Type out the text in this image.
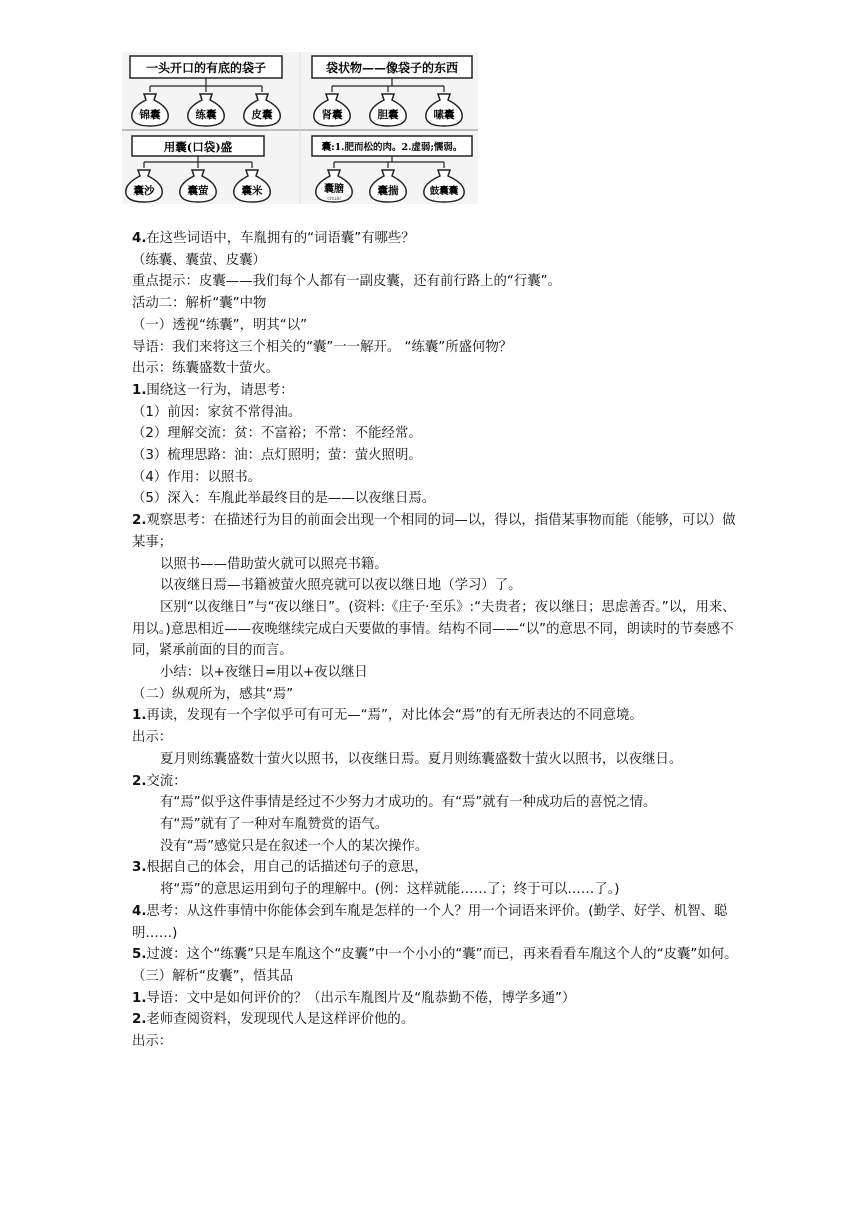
一头开口的有底的袋子
锦囊	练囊	皮囊
袋状物——像袋子的东西
肾囊	胆囊	嗉囊
用囊(口袋)盛
囊沙	囊萤	囊米
囊:1.肥而松的肉。2.虚弱;懦弱。
囊膪
chuài
囊揣	鼓囊囊

4.在这些词语中，车胤拥有的“词语囊”有哪些？

（练囊、囊萤、皮囊）

重点提示：皮囊——我们每个人都有一副皮囊，还有前行路上的“行囊”。

活动二：解析“囊”中物

（一）透视“练囊”，明其“以”

导语：我们来将这三个相关的“囊”一一解开。 “练囊”所盛何物？

出示：练囊盛数十萤火。

1.围绕这一行为，请思考：

（1）前因：家贫不常得油。

（2）理解交流：贫：不富裕；不常：不能经常。

（3）梳理思路：油：点灯照明；萤：萤火照明。

（4）作用：以照书。

（5）深入：车胤此举最终目的是——以夜继日焉。

2.观察思考：在描述行为目的前面会出现一个相同的词—以，得以，指借某事物而能（能够，可以）做某事；

以照书——借助萤火就可以照亮书籍。

以夜继日焉—书籍被萤火照亮就可以夜以继日地（学习）了。

区别“以夜继日”与“夜以继日”。(资料:《庄子·至乐》:“夫贵者；夜以继日；思虑善否。”以，用来、用以。)意思相近——夜晚继续完成白天要做的事情。结构不同——“以”的意思不同，朗读时的节奏感不同，紧承前面的目的而言。

小结：以+夜继日=用以+夜以继日

（二）纵观所为，感其“焉”

1.再读，发现有一个字似乎可有可无—“焉”，对比体会“焉”的有无所表达的不同意境。

出示：

夏月则练囊盛数十萤火以照书，以夜继日焉。夏月则练囊盛数十萤火以照书，以夜继日。

2.交流：

有“焉”似乎这件事情是经过不少努力才成功的。有“焉”就有一种成功后的喜悦之情。

有“焉”就有了一种对车胤赞赏的语气。

没有“焉”感觉只是在叙述一个人的某次操作。

3.根据自己的体会，用自己的话描述句子的意思，

将“焉”的意思运用到句子的理解中。(例：这样就能……了；终于可以……了。)

4.思考：从这件事情中你能体会到车胤是怎样的一个人？用一个词语来评价。(勤学、好学、机智、聪明……)

5.过渡：这个“练囊”只是车胤这个“皮囊”中一个小小的“囊”而已，再来看看车胤这个人的“皮囊”如何。

（三）解析“皮囊”，悟其品

1.导语：文中是如何评价的？（出示车胤图片及“胤恭勤不倦，博学多通”）

2.老师查阅资料，发现现代人是这样评价他的。

出示：
